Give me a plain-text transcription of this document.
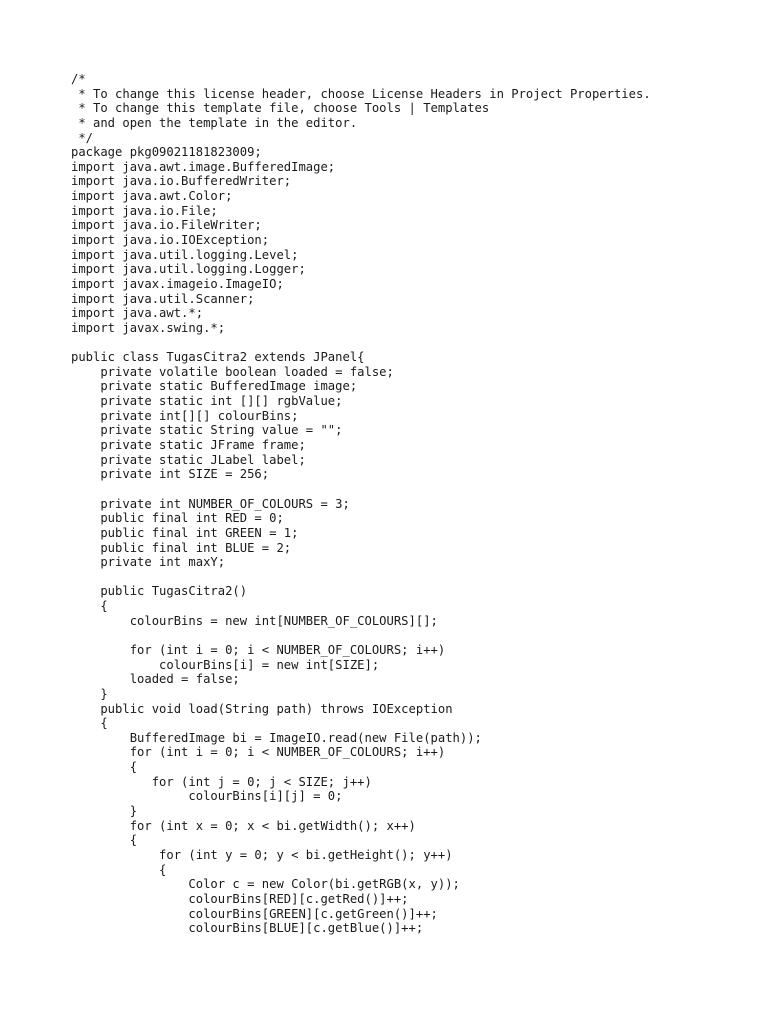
/*
* To change this license header, choose License Headers in Project Properties.
* To change this template file, choose Tools | Templates
* and open the template in the editor.
*/
package pkg09021181823009;
import java.awt.image.BufferedImage;
import java.io.BufferedWriter;
import java.awt.Color;
import java.io.File;
import java.io.FileWriter;
import java.io.IOException;
import java.util.logging.Level;
import java.util.logging.Logger;
import javax.imageio.ImageIO;
import java.util.Scanner;
import java.awt.*;
import javax.swing.*;
public class TugasCitra2 extends JPanel{
private volatile boolean loaded = false;
private static BufferedImage image;
private static int [][] rgbValue;
private int[][] colourBins;
private static String value = "";
private static JFrame frame;
private static JLabel label;
private int SIZE = 256;
private int NUMBER_OF_COLOURS = 3;
public final int RED = 0;
public final int GREEN = 1;
public final int BLUE = 2;
private int maxY;
public TugasCitra2()
{
colourBins = new int[NUMBER_OF_COLOURS][];
for (int i = 0; i < NUMBER_OF_COLOURS; i++)
colourBins[i] = new int[SIZE];
loaded = false;
}
public void load(String path) throws IOException
{
BufferedImage bi = ImageIO.read(new File(path));
for (int i = 0; i < NUMBER_OF_COLOURS; i++)
{
for (int j = 0; j < SIZE; j++)
colourBins[i][j] = 0;
}
for (int x = 0; x < bi.getWidth(); x++)
{
for (int y = 0; y < bi.getHeight(); y++)
{
Color c = new Color(bi.getRGB(x, y));
colourBins[RED][c.getRed()]++;
colourBins[GREEN][c.getGreen()]++;
colourBins[BLUE][c.getBlue()]++;
